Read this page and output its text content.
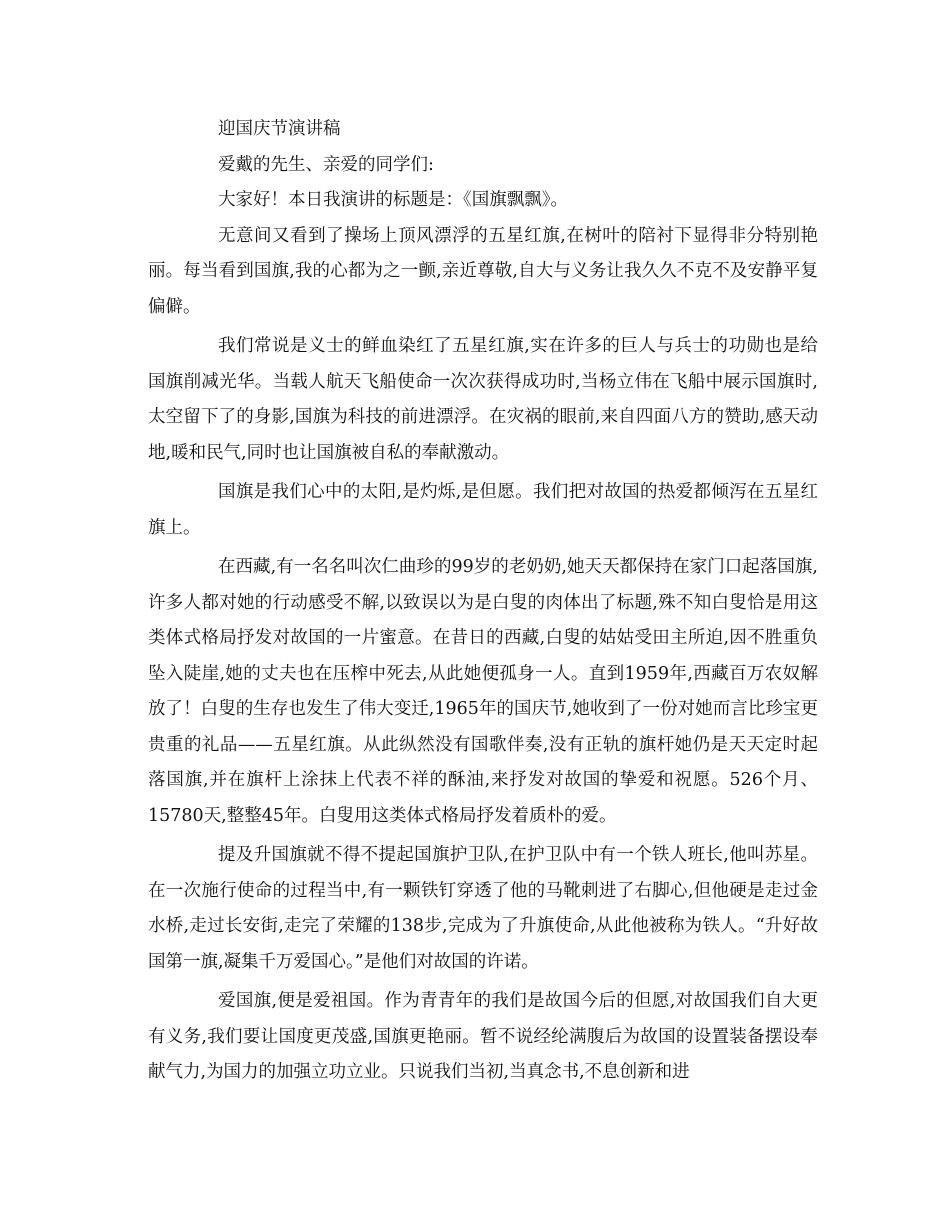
迎国庆节演讲稿

爱戴的先生、亲爱的同学们:

大家好！本日我演讲的标题是：《国旗飘飘》。

无意间又看到了操场上顶风漂浮的五星红旗,在树叶的陪衬下显得非分特别艳丽。每当看到国旗,我的心都为之一颤,亲近尊敬,自大与义务让我久久不克不及安静平复偏僻。

我们常说是义士的鲜血染红了五星红旗,实在许多的巨人与兵士的功勋也是给国旗削减光华。当载人航天飞船使命一次次获得成功时,当杨立伟在飞船中展示国旗时,太空留下了的身影,国旗为科技的前进漂浮。在灾祸的眼前,来自四面八方的赞助,感天动地,暖和民气,同时也让国旗被自私的奉献激动。

国旗是我们心中的太阳,是灼烁,是但愿。我们把对故国的热爱都倾泻在五星红旗上。

在西藏,有一名名叫次仁曲珍的99岁的老奶奶,她天天都保持在家门口起落国旗,许多人都对她的行动感受不解,以致误以为是白叟的肉体出了标题,殊不知白叟恰是用这类体式格局抒发对故国的一片蜜意。在昔日的西藏,白叟的姑姑受田主所迫,因不胜重负坠入陡崖,她的丈夫也在压榨中死去,从此她便孤身一人。直到1959年,西藏百万农奴解放了！白叟的生存也发生了伟大变迁,1965年的国庆节,她收到了一份对她而言比珍宝更贵重的礼品——五星红旗。从此纵然没有国歌伴奏,没有正轨的旗杆她仍是天天定时起落国旗,并在旗杆上涂抹上代表不祥的酥油,来抒发对故国的挚爱和祝愿。526个月、15780天,整整45年。白叟用这类体式格局抒发着质朴的爱。

提及升国旗就不得不提起国旗护卫队,在护卫队中有一个铁人班长,他叫苏星。在一次施行使命的过程当中,有一颗铁钉穿透了他的马靴刺进了右脚心,但他硬是走过金水桥,走过长安街,走完了荣耀的138步,完成为了升旗使命,从此他被称为铁人。“升好故国第一旗,凝集千万爱国心。”是他们对故国的许诺。

爱国旗,便是爱祖国。作为青青年的我们是故国今后的但愿,对故国我们自大更有义务,我们要让国度更茂盛,国旗更艳丽。暂不说经纶满腹后为故国的设置装备摆设奉献气力,为国力的加强立功立业。只说我们当初,当真念书,不息创新和进
